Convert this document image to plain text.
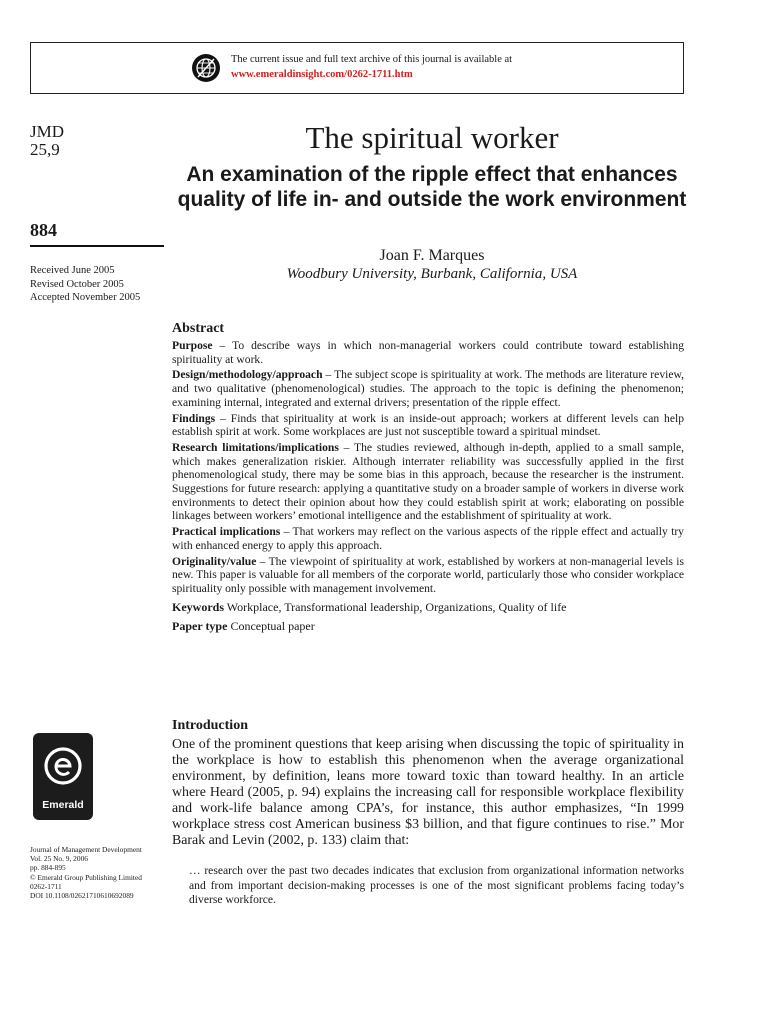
The current issue and full text archive of this journal is available at
www.emeraldinsight.com/0262-1711.htm
JMD
25,9
884
Received June 2005
Revised October 2005
Accepted November 2005
The spiritual worker
An examination of the ripple effect that enhances quality of life in- and outside the work environment
Joan F. Marques
Woodbury University, Burbank, California, USA
Abstract

Purpose – To describe ways in which non-managerial workers could contribute toward establishing spirituality at work.

Design/methodology/approach – The subject scope is spirituality at work. The methods are literature review, and two qualitative (phenomenological) studies. The approach to the topic is defining the phenomenon; examining internal, integrated and external drivers; presentation of the ripple effect.

Findings – Finds that spirituality at work is an inside-out approach; workers at different levels can help establish spirit at work. Some workplaces are just not susceptible toward a spiritual mindset.

Research limitations/implications – The studies reviewed, although in-depth, applied to a small sample, which makes generalization riskier. Although interrater reliability was successfully applied in the first phenomenological study, there may be some bias in this approach, because the researcher is the instrument. Suggestions for future research: applying a quantitative study on a broader sample of workers in diverse work environments to detect their opinion about how they could establish spirit at work; elaborating on possible linkages between workers’ emotional intelligence and the establishment of spirituality at work.

Practical implications – That workers may reflect on the various aspects of the ripple effect and actually try with enhanced energy to apply this approach.

Originality/value – The viewpoint of spirituality at work, established by workers at non-managerial levels is new. This paper is valuable for all members of the corporate world, particularly those who consider workplace spirituality only possible with management involvement.

Keywords Workplace, Transformational leadership, Organizations, Quality of life
Paper type Conceptual paper
Introduction

One of the prominent questions that keep arising when discussing the topic of spirituality in the workplace is how to establish this phenomenon when the average organizational environment, by definition, leans more toward toxic than toward healthy. In an article where Heard (2005, p. 94) explains the increasing call for responsible workplace flexibility and work-life balance among CPA’s, for instance, this author emphasizes, “In 1999 workplace stress cost American business $3 billion, and that figure continues to rise.” Mor Barak and Levin (2002, p. 133) claim that:

… research over the past two decades indicates that exclusion from organizational information networks and from important decision-making processes is one of the most significant problems facing today’s diverse workforce.

Emerald
Journal of Management Development
Vol. 25 No. 9, 2006
pp. 884-895
© Emerald Group Publishing Limited
0262-1711
DOI 10.1108/02621710610692089
